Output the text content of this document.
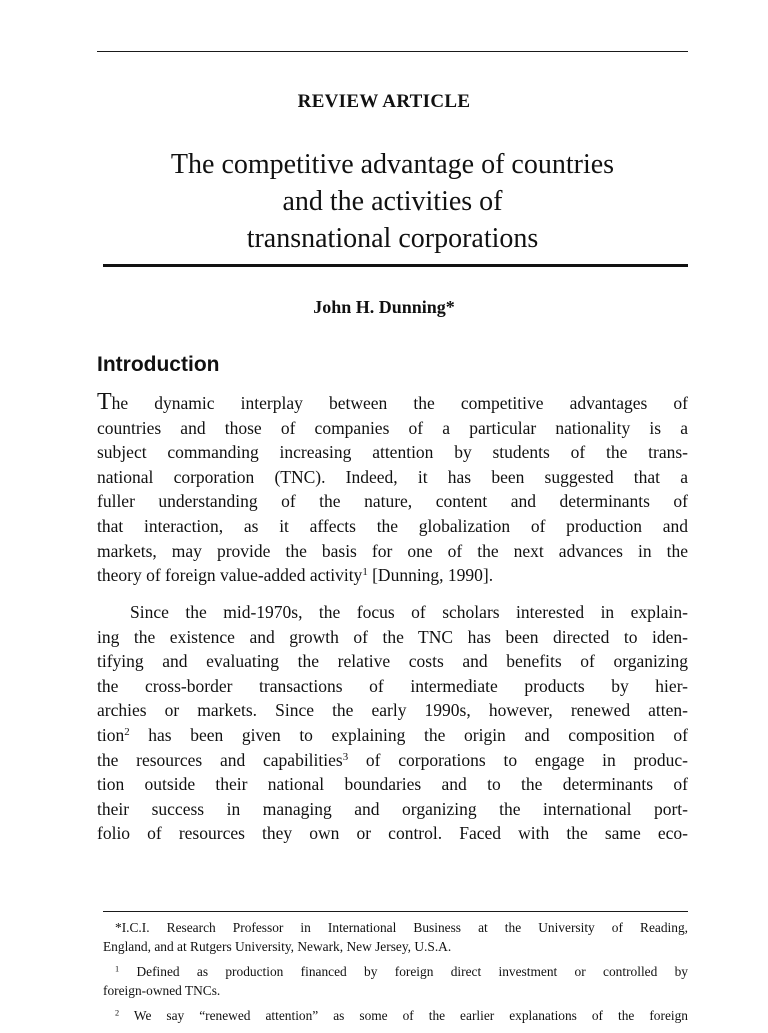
REVIEW ARTICLE
The competitive advantage of countries
and the activities of
transnational corporations
John H. Dunning*
Introduction
The dynamic interplay between the competitive advantages of
countries and those of companies of a particular nationality is a
subject commanding increasing attention by students of the trans-
national corporation (TNC). Indeed, it has been suggested that a
fuller understanding of the nature, content and determinants of
that interaction, as it affects the globalization of production and
markets, may provide the basis for one of the next advances in the
theory of foreign value-added activity$^1$ [Dunning, 1990].
Since the mid-1970s, the focus of scholars interested in explain-
ing the existence and growth of the TNC has been directed to iden-
tifying and evaluating the relative costs and benefits of organizing
the cross-border transactions of intermediate products by hier-
archies or markets. Since the early 1990s, however, renewed atten-
tion$^2$ has been given to explaining the origin and composition of
the resources and capabilities$^3$ of corporations to engage in produc-
tion outside their national boundaries and to the determinants of
their success in managing and organizing the international port-
folio of resources they own or control. Faced with the same eco-
*I.C.I. Research Professor in International Business at the University of Reading,
England, and at Rutgers University, Newark, New Jersey, U.S.A.
$^1$ Defined as production financed by foreign direct investment or controlled by
foreign-owned TNCs.
$^2$ We say “renewed attention” as some of the earlier explanations of the foreign
